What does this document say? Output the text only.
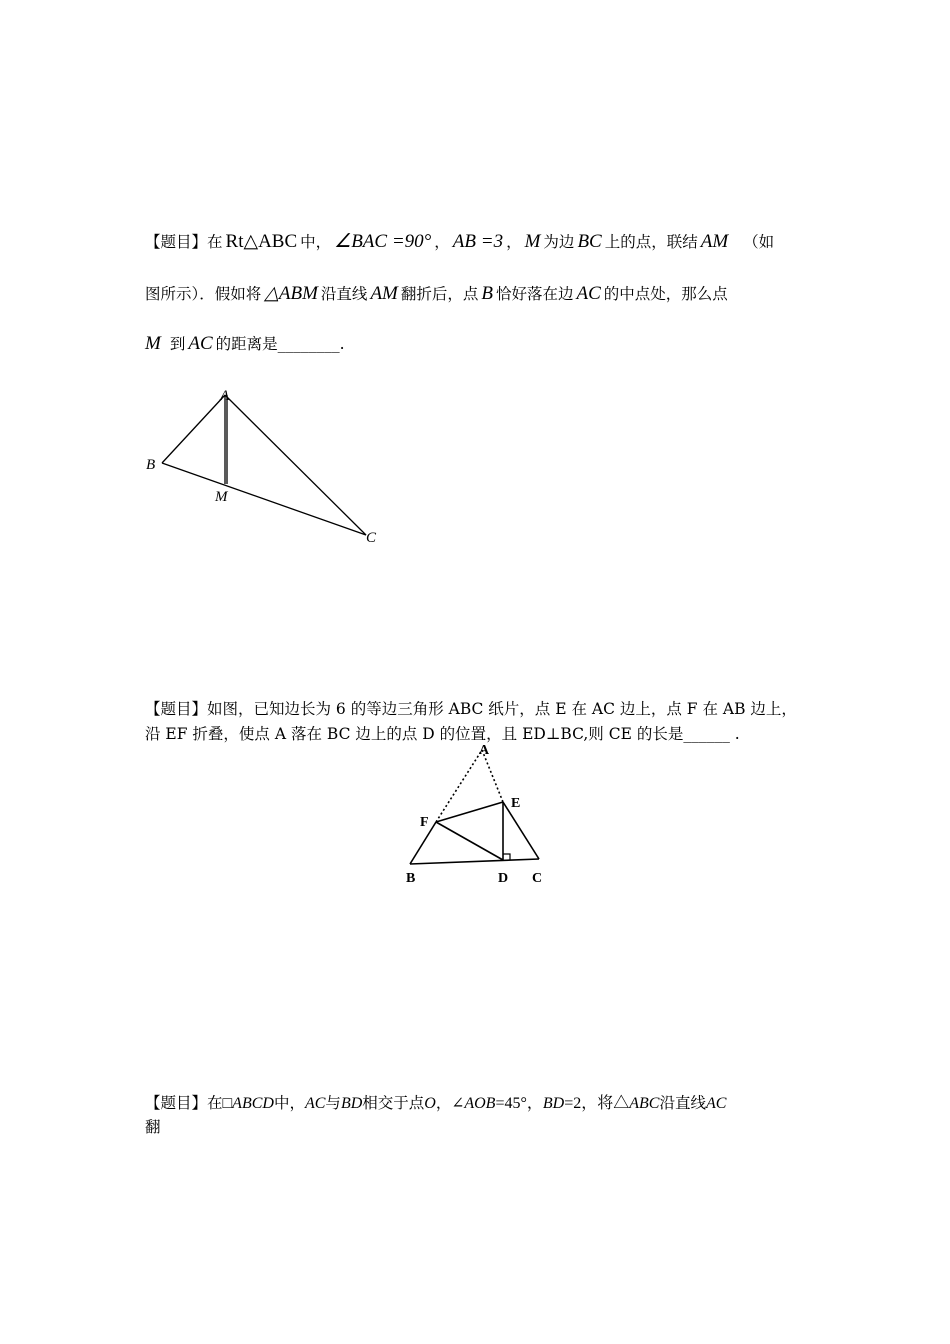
【题目】在 Rt△ABC 中， ∠BAC =90° ， AB =3 ， M 为边 BC 上的点，联结 AM （如
图所示）．假如将 △ABM 沿直线 AM 翻折后，点 B 恰好落在边 AC 的中点处，那么点
M 到 AC 的距离是________.
A
B
M
C
【题目】如图，已知边长为 6 的等边三角形 ABC 纸片，点 E 在 AC 边上，点 F 在 AB 边上，
沿 EF 折叠，使点 A 落在 BC 边上的点 D 的位置，且 ED⊥BC,则 CE 的长是______ .
A
E
F
B	D C
【题目】在□ABCD中，AC与BD相交于点O，∠AOB=45°，BD=2，将△ABC沿直线AC
翻
